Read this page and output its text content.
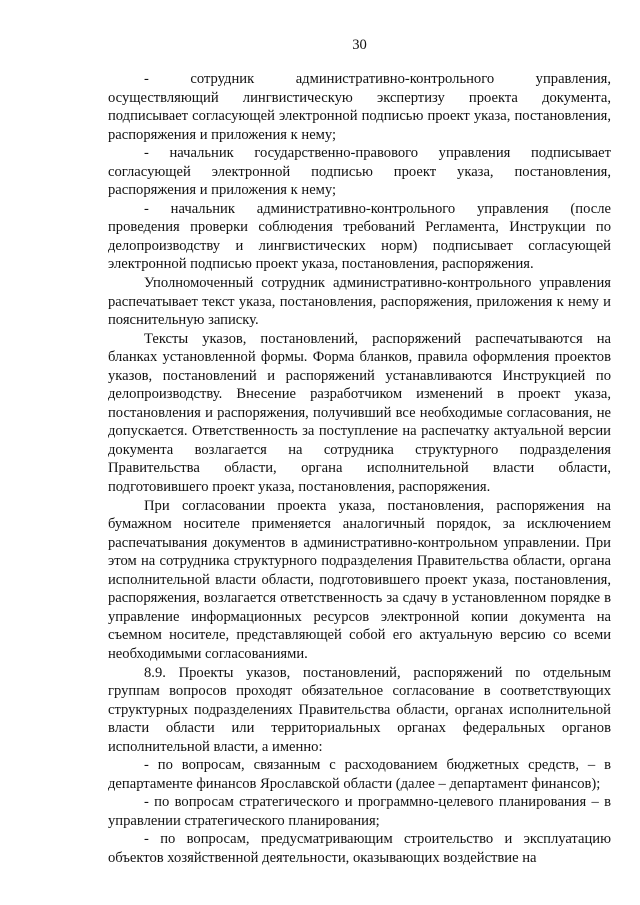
30

- сотрудник административно-контрольного управления, осуществляющий лингвистическую экспертизу проекта документа, подписывает согласующей электронной подписью проект указа, постановления, распоряжения и приложения к нему;

- начальник государственно-правового управления подписывает согласующей электронной подписью проект указа, постановления, распоряжения и приложения к нему;

- начальник административно-контрольного управления (после проведения проверки соблюдения требований Регламента, Инструкции по делопроизводству и лингвистических норм) подписывает согласующей электронной подписью проект указа, постановления, распоряжения.

Уполномоченный сотрудник административно-контрольного управления распечатывает текст указа, постановления, распоряжения, приложения к нему и пояснительную записку.

Тексты указов, постановлений, распоряжений распечатываются на бланках установленной формы. Форма бланков, правила оформления проектов указов, постановлений и распоряжений устанавливаются Инструкцией по делопроизводству. Внесение разработчиком изменений в проект указа, постановления и распоряжения, получивший все необходимые согласования, не допускается. Ответственность за поступление на распечатку актуальной версии документа возлагается на сотрудника структурного подразделения Правительства области, органа исполнительной власти области, подготовившего проект указа, постановления, распоряжения.

При согласовании проекта указа, постановления, распоряжения на бумажном носителе применяется аналогичный порядок, за исключением распечатывания документов в административно-контрольном управлении. При этом на сотрудника структурного подразделения Правительства области, органа исполнительной власти области, подготовившего проект указа, постановления, распоряжения, возлагается ответственность за сдачу в установленном порядке в управление информационных ресурсов электронной копии документа на съемном носителе, представляющей собой его актуальную версию со всеми необходимыми согласованиями.

8.9. Проекты указов, постановлений, распоряжений по отдельным группам вопросов проходят обязательное согласование в соответствующих структурных подразделениях Правительства области, органах исполнительной власти области или территориальных органах федеральных органов исполнительной власти, а именно:

- по вопросам, связанным с расходованием бюджетных средств, – в департаменте финансов Ярославской области (далее – департамент финансов);

- по вопросам стратегического и программно-целевого планирования – в управлении стратегического планирования;

- по вопросам, предусматривающим строительство и эксплуатацию объектов хозяйственной деятельности, оказывающих воздействие на
